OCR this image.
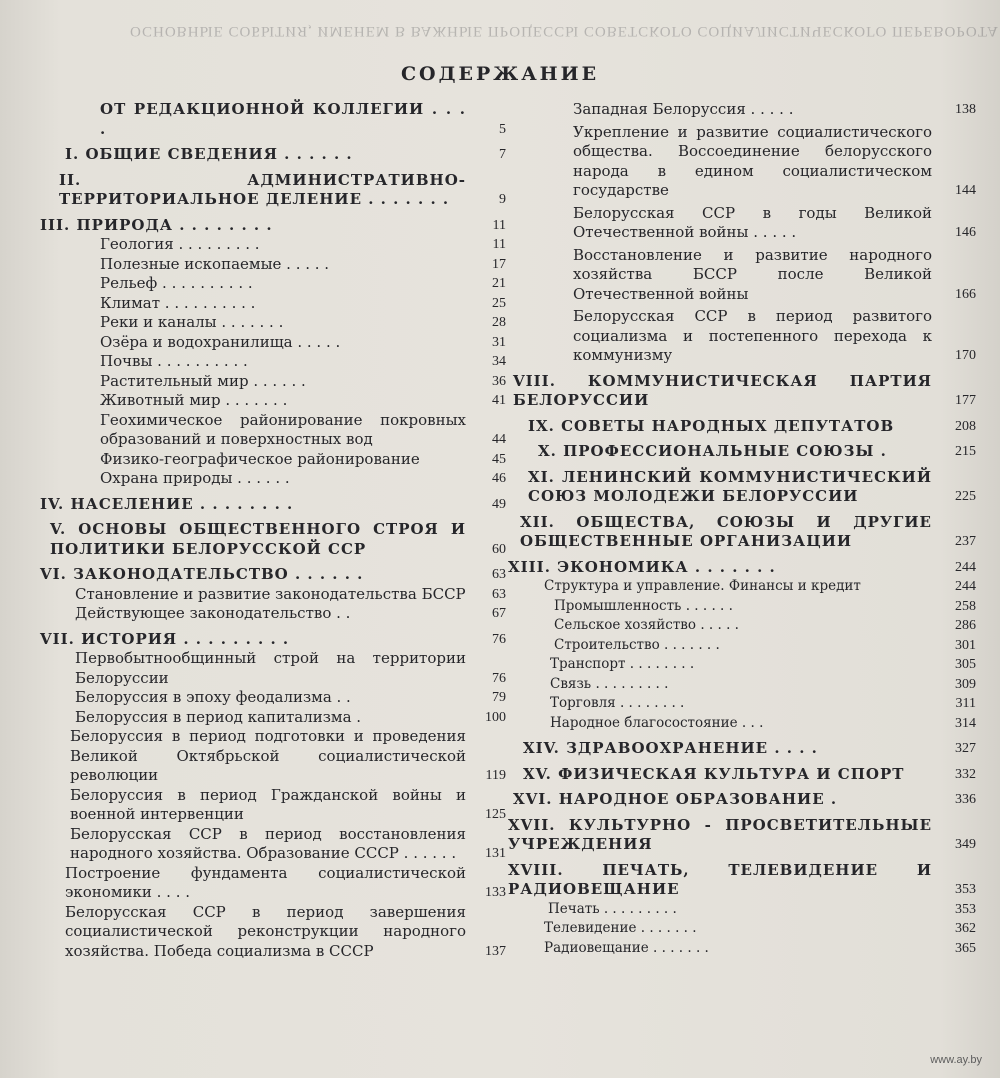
ОСНОВНЫЕ СОБЫТИЯ, ИМЕНЕМ В ВАЖНЫЕ ПРОЦЕССЫ СОВЕТСКОГО СОЦИАЛИСТИЧЕСКОГО ПЕРЕВОРОТА
СОДЕРЖАНИЕ
ОТ РЕДАКЦИОННОЙ КОЛЛЕГИИ . . . .	5
I. ОБЩИЕ СВЕДЕНИЯ . . . . . .	7
II. АДМИНИСТРАТИВНО-ТЕРРИТОРИАЛЬНОЕ ДЕЛЕНИЕ . . . . . . .	9
III. ПРИРОДА . . . . . . . .	11
Геология . . . . . . . . .	11
Полезные ископаемые . . . . .	17
Рельеф . . . . . . . . . .	21
Климат . . . . . . . . . .	25
Реки и каналы . . . . . . .	28
Озёра и водохранилища . . . . .	31
Почвы . . . . . . . . . .	34
Растительный мир . . . . . .	36
Животный мир . . . . . . .	41
Геохимическое районирование покровных образований и поверхностных вод	44
Физико-географическое районирование	45
Охрана природы . . . . . .	46
IV. НАСЕЛЕНИЕ . . . . . . . .	49
V. ОСНОВЫ ОБЩЕСТВЕННОГО СТРОЯ И ПОЛИТИКИ БЕЛОРУССКОЙ ССР	60
VI. ЗАКОНОДАТЕЛЬСТВО . . . . . .	63
Становление и развитие законодательства БССР 63
Действующее законодательство . .	67
VII. ИСТОРИЯ . . . . . . . . .	76
Первобытнообщинный строй на территории Белоруссии	76
Белоруссия в эпоху феодализма . .	79
Белоруссия в период капитализма .	100
Белоруссия в период подготовки и проведения Великой Октябрьской социалистической революции	119
Белоруссия в период Гражданской войны и военной интервенции	125
Белорусская ССР в период восстановления народного хозяйства. Образование СССР . . . . . .	131
Построение фундамента социалистической экономики . . . .	133
Белорусская ССР в период завершения социалистической реконструкции народного хозяйства. Победа социализма в СССР	137
Западная Белоруссия . . . . .	138
Укрепление и развитие социалистического общества. Воссоединение белорусского народа в едином социалистическом государстве	144
Белорусская ССР в годы Великой Отечественной войны . . . . .	146
Восстановление и развитие народного хозяйства БССР после Великой Отечественной войны	166
Белорусская ССР в период развитого социализма и постепенного перехода к коммунизму	170
VIII. КОММУНИСТИЧЕСКАЯ ПАРТИЯ БЕЛОРУССИИ	177
IX. СОВЕТЫ НАРОДНЫХ ДЕПУТАТОВ	208
X. ПРОФЕССИОНАЛЬНЫЕ СОЮЗЫ .	215
XI. ЛЕНИНСКИЙ КОММУНИСТИЧЕСКИЙ СОЮЗ МОЛОДЕЖИ БЕЛОРУССИИ	225
XII. ОБЩЕСТВА, СОЮЗЫ И ДРУГИЕ ОБЩЕСТВЕННЫЕ ОРГАНИЗАЦИИ	237
XIII. ЭКОНОМИКА . . . . . . .	244
Структура и управление. Финансы и кредит	244
Промышленность . . . . . .	258
Сельское хозяйство . . . . .	286
Строительство . . . . . . .	301
Транспорт . . . . . . . .	305
Связь . . . . . . . . .	309
Торговля . . . . . . . .	311
Народное благосостояние . . .	314
XIV. ЗДРАВООХРАНЕНИЕ . . . .	327
XV. ФИЗИЧЕСКАЯ КУЛЬТУРА И СПОРТ	332
XVI. НАРОДНОЕ ОБРАЗОВАНИЕ .	336
XVII. КУЛЬТУРНО - ПРОСВЕТИТЕЛЬНЫЕ УЧРЕЖДЕНИЯ	349
XVIII. ПЕЧАТЬ, ТЕЛЕВИДЕНИЕ И РАДИОВЕЩАНИЕ	353
Печать . . . . . . . . .	353
Телевидение . . . . . . .	362
Радиовещание . . . . . . .	365
www.ay.by
